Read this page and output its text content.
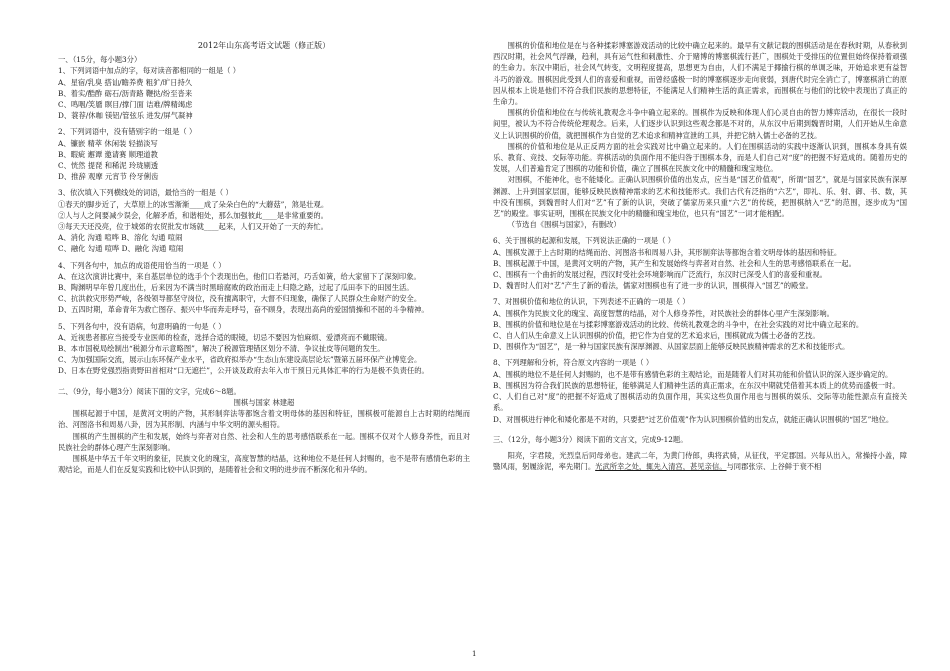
2012年山东高考语文试题（修正版）

一、（15分，每小题3分）

1、下列词语中加点的字，每对读音都相同的一组是（ ）

A、星宿/乳臭 搭讪/瞻养费 粗犷/旷日持久

B、着实/酷酢 砺石/沥青路 鞭挞/纷至沓来

C、鸣咽/笑靥 瞑目/撑门面 诘难/牌精竭虑

D、蓑荐/休咖 镁铝/管弦乐 进发/屏气凝神

2、下列词语中，没有错别字的一组是（ ）

A、镰嵌 精萃 休闲装 轻描淡写

B、暇疵 邂谭 邀请赛 顺理道教

C、恍然 提琵 和稀泥 玲珑剔透

D、推辞 观摩 元宵节 伶牙俐齿

3、依次填入下列横线处的词语，最恰当的一组是（ ）

①春天的脚步近了，大草原上的冰雪渐渐____成了朵朵白色的“大蘑菇”，煞是壮观。

②人与人之间要减少误会，化解矛盾，和谐相处，那么加强彼此____是非常重要的。

③每天天还没亮，位于城郊的农贸批发市场就____起来，人们又开始了一天的奔忙。

A、消化 沟通 喧哗 B、溶化 勾通 喧闹

C、融化 勾通 喧哗 D、融化 沟通 喧闹

4、下列各句中，加点的成语使用恰当的一项是（ ）

A、在这次演讲比赛中，来自基层单位的选手个个表现出色，他们口若悬河，巧舌如簧，给大家留下了深刻印象。

B、陶渊明早年曾几度出仕，后来因为不满当时黑暗腐败的政治而走上归隐之路，过起了瓜田李下的田园生活。

C、抗洪救灾形势严峻，各级领导都坚守岗位，没有擅离职守，大督不归现象，确保了人民群众生命财产的安全。

D、五四时期，革命青年为救亡图存、振兴中华而奔走呼号，奋不顾身，表现出高尚的爱国情操和不屈的斗争精神。

5、下列各句中，没有语病，句意明确的一句是（ ）

A、近视患者都应当接受专业医师的检查，选择合适的眼镜，切忌不要因为怕麻烦、爱漂亮而不戴眼镜。

B、本市国税局绘制出“税源分布示意略图”，解决了税源管理错区划分不清、争议扯皮等问题的发生。

C、为加强国际交流，展示山东环保产业水平，省政府拟举办“生态山东建设高层论坛”暨第五届环保产业博览会。

D、日本在野党强烈指责野田首相对“口无遮拦”，公开谈及政府去年入市干预日元具体汇率的行为是极不负责任的。

二、（9分，每小题3分）阅读下面的文字，完成6～8题。

围棋与国家 林建超

围棋起源于中国，是黄河文明的产物，其形制弈法等都饱含着文明母体的基因和特征，围棋极可能源自上古时期的结绳而治、河图洛书和周易八卦，因为其形制、内涵与中华文明的源头相符。

围棋的产生围棋的产生和发展，始终与弈者对自然、社会和人生的思考感悟联系在一起。围棋不仅对个人修身养性，而且对民族社会的群体心理产生深刻影响。

围棋是中华五千年文明的象征，民族文化的瑰宝，高度智慧的结晶，这种地位不是任何人封赐的，也不是带有感情色彩的主观结论，而是人们在反复实践和比较中认识到的，是随着社会和文明的进步而不断深化和升华的。

围棋的价值和地位是在与各种揉彩博塞游戏活动的比较中确立起来的。最早有文献记载的围棋活动是在春秋时期，从春秋到西汉时期，社会风气浮躁，趋利，具有运气性和刺激性、介于赌博的博塞棋流行甚广，围棋处于受排压的位置但始终保持着顽强的生命力。东汉中期后，社会风气转变，文明程度提高，思想更为自由，人们不满足于揶揄行棋的单调乏味，开始追求更有益智斗巧的游戏。围棋因此受到人们的喜爱和重视，而曾经盛极一时的博塞棋逐步走向衰弱，到唐代时完全消亡了，博塞棋消亡的原因从根本上说是他们不符合我们民族的思想特征，不能满足人们精神生活的真正需求，而围棋在与他们的比较中表现出了真正的生命力。

围棋的价值和地位在与传统礼教观念斗争中确立起来的。围棋作为反映和体现人们心灵自由的智力博弈活动，在很长一段时间里，被认为不符合传统伦理观念。后来，人们逐步认识到这些观念都是不对的，从东汉中后期到魏晋时期，人们开始从生命意义上认识围棋的价值，就把围棋作为自觉的艺术追求和精神宣泄的工具，并把它纳入儒士必备的艺技。

围棋的价值和地位是从正反两方面的社会实践对比中确立起来的。人们在围棋活动的实践中逐渐认识到，围棋本身具有娱乐、教育、竞技、交际等功能。弈棋活动的负面作用不能归咎于围棋本身，而是人们自己对“度”的把握不好造成的。随着历史的发展，人们普遍肯定了围棋的功能和价值，确立了围棋在民族文化中的精髓和瑰宝地位。

对围棋，不能神化，也不能矮化。正确认识围棋价值的出发点，应当是“国艺价值观”，所谓“国艺”，就是与国家民族有深厚渊源、上升到国家层面，能够反映民族精神需求的艺术和技能形式。我们古代有泛指的“六艺”，即礼、乐、射、御、书、数，其中没有围棋，到魏晋时人们对“艺”有了新的认识，突破了儒家历来只重“六艺”的传统，把围棋纳入“艺”的范围，逐步成为“国艺”的殿堂。事实证明，围棋在民族文化中的精髓和瑰宝地位，也只有“国艺”一词才能相配。

（节选自《围棋与国家》，有删改）

6、关于围棋的起源和发展，下列说法正确的一项是（ ）

A、围棋发源于上古时期的结绳而治、河图洛书和周易八卦，其形制弈法等都饱含着文明母体的基因和特征。

B、围棋起源于中国，是黄河文明的产物，其产生和发展始终与弈者对自然、社会和人生的思考感悟联系在一起。

C、围棋有一个曲折的发展过程，西汉时受社会环境影响而广泛流行，东汉时已深受人们的喜爱和重视。

D、魏晋时人们对“艺”产生了新的看法，儒家对围棋也有了进一步的认识，围棋得入“国艺”的殿堂。

7、对围棋价值和地位的认识，下列表述不正确的一项是（ ）

A、围棋作为民族文化的瑰宝、高度智慧的结晶，对个人修身养性，对民族社会的群体心里产生深刻影响。

B、围棋的价值和地位是在与揉彩博塞游戏活动的比较、传统礼教观念的斗争中，在社会实践的对比中确立起来的。

C、自人们从生命意义上认识围棋的价值，把它作为自觉的艺术追求后，围棋就成为儒士必备的艺技。

D、围棋作为“国艺”，是一种与国家民族有深厚渊源、从国家层面上能够反映民族精神需求的艺术和技能形式。

8、下列理解和分析，符合原文内容的一项是（ ）

A、围棋的地位不是任何人封赐的，也不是带有感情色彩的主观结论，而是随着人们对其功能和价值认识的深入逐步确定的。

B、围棋因为符合我们民族的思想特征，能够满足人们精神生活的真正需求，在东汉中期就凭借着其本质上的优势而盛极一时。

C、人们自己对“度”的把握不好造成了围棋活动的负面作用，其实这些负面作用也与围棋的娱乐、交际等功能性源点有直接关系。

D、对围棋进行神化和矮化都是不对的，只要把“过艺价值观”作为认识围棋价值的出发点，就能正确认识围棋的“国艺”地位。

三、（12分，每小题3分）阅读下面的文言文，完成9-12题。

阳亮，字君陵，光烈皇后同母弟也。建武二年，为黄门侍郎，典将武骑，从征伐，平定郡国。兴每从出入，常操持小盖，障翳风雨，躬履涂泥，率先期门。光武所幸之处，辄先入清宫，甚见亲信。与同郡张宗、上谷鲜于衰不相

1
